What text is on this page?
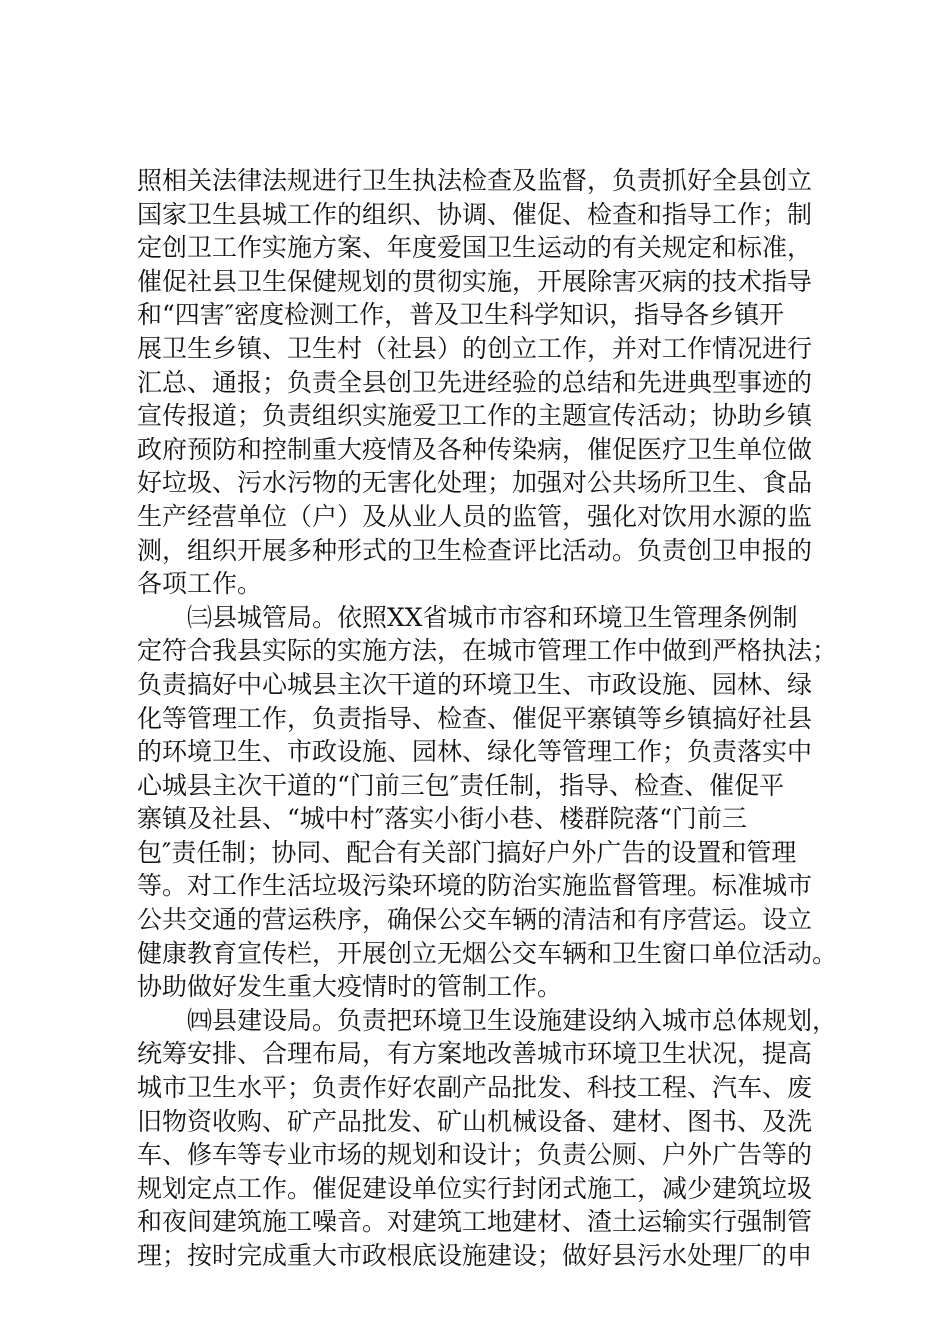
照相关法律法规进行卫生执法检查及监督，负责抓好全县创立
国家卫生县城工作的组织、协调、催促、检查和指导工作；制
定创卫工作实施方案、年度爱国卫生运动的有关规定和标准，
催促社县卫生保健规划的贯彻实施，开展除害灭病的技术指导
和“四害″密度检测工作，普及卫生科学知识，指导各乡镇开
展卫生乡镇、卫生村（社县）的创立工作，并对工作情况进行
汇总、通报；负责全县创卫先进经验的总结和先进典型事迹的
宣传报道；负责组织实施爱卫工作的主题宣传活动；协助乡镇
政府预防和控制重大疫情及各种传染病，催促医疗卫生单位做
好垃圾、污水污物的无害化处理；加强对公共场所卫生、食品
生产经营单位（户）及从业人员的监管，强化对饮用水源的监
测，组织开展多种形式的卫生检查评比活动。负责创卫申报的
各项工作。
　　㈢县城管局。依照XX省城市市容和环境卫生管理条例制
定符合我县实际的实施方法，在城市管理工作中做到严格执法；
负责搞好中心城县主次干道的环境卫生、市政设施、园林、绿
化等管理工作，负责指导、检查、催促平寨镇等乡镇搞好社县
的环境卫生、市政设施、园林、绿化等管理工作；负责落实中
心城县主次干道的“门前三包″责任制，指导、检查、催促平
寨镇及社县、“城中村″落实小街小巷、楼群院落“门前三
包″责任制；协同、配合有关部门搞好户外广告的设置和管理
等。对工作生活垃圾污染环境的防治实施监督管理。标准城市
公共交通的营运秩序，确保公交车辆的清洁和有序营运。设立
健康教育宣传栏，开展创立无烟公交车辆和卫生窗口单位活动。
协助做好发生重大疫情时的管制工作。
　　㈣县建设局。负责把环境卫生设施建设纳入城市总体规划，
统筹安排、合理布局，有方案地改善城市环境卫生状况，提高
城市卫生水平；负责作好农副产品批发、科技工程、汽车、废
旧物资收购、矿产品批发、矿山机械设备、建材、图书、及洗
车、修车等专业市场的规划和设计；负责公厕、户外广告等的
规划定点工作。催促建设单位实行封闭式施工，减少建筑垃圾
和夜间建筑施工噪音。对建筑工地建材、渣土运输实行强制管
理；按时完成重大市政根底设施建设；做好县污水处理厂的申
